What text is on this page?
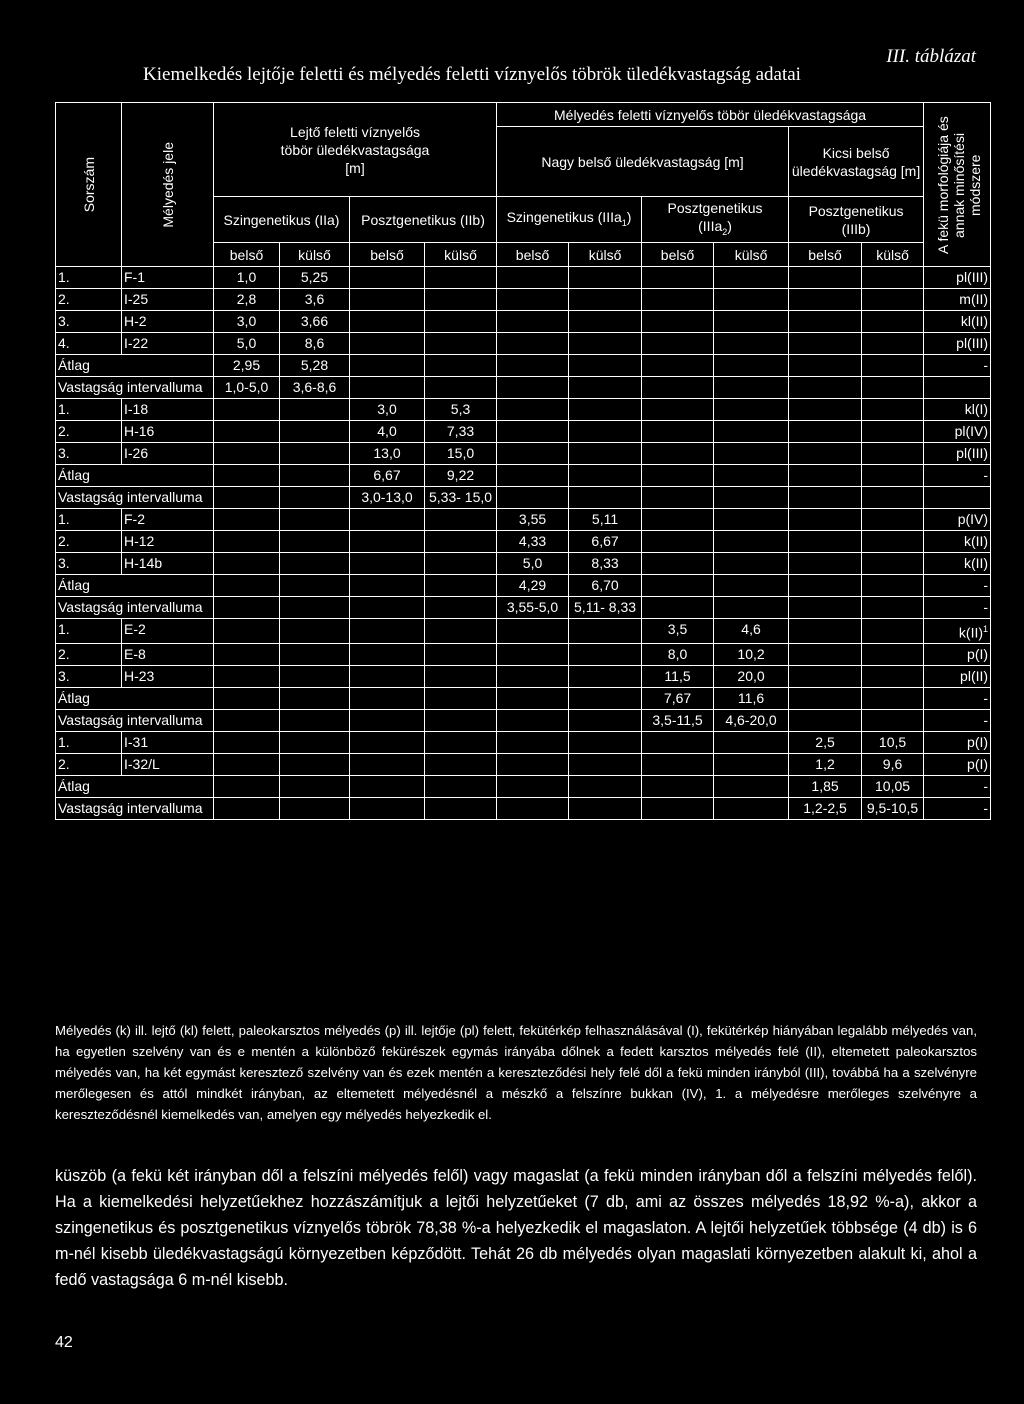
III. táblázat
Kiemelkedés lejtője feletti és mélyedés feletti víznyelős töbrök üledékvastagság adatai
Sorszám	Mélyedés jele	Lejtő feletti víznyelős töbör üledékvastagsága [m]				Mélyedés feletti víznyelős töbör üledékvastagsága						A fekü morfológiája és annak minősítési módszere

						Nagy belső üledékvastagság [m]				Kicsi belső üledékvastagság [m]		
		Szingenetikus (IIa)		Posztgenetikus (IIb)		Szingenetikus (IIIa$_1$)		Posztgenetikus (IIIa$_2$)		Posztgenetikus (IIIb)		
		belső	külső	belső	külső	belső	külső	belső	külső	belső	külső	
1.	F-1	1,0	5,25									pl(III)
2.	I-25	2,8	3,6									m(II)
3.	H-2	3,0	3,66									kl(II)
4.	I-22	5,0	8,6									pl(III)
Átlag		2,95	5,28									-
Vastagság intervalluma		1,0-5,0	3,6-8,6									
1.	I-18			3,0	5,3							kl(I)
2.	H-16			4,0	7,33							pl(IV)
3.	I-26			13,0	15,0							pl(III)
Átlag				6,67	9,22							-
Vastagság intervalluma				3,0-13,0	5,33- 15,0							
1.	F-2					3,55	5,11					p(IV)
2.	H-12					4,33	6,67					k(II)
3.	H-14b					5,0	8,33					k(II)
Átlag						4,29	6,70					-
Vastagság intervalluma						3,55-5,0	5,11- 8,33					-
1.	E-2							3,5	4,6			k(II)$^1$
2.	E-8							8,0	10,2			p(I)
3.	H-23							11,5	20,0			pl(II)
Átlag								7,67	11,6			-
Vastagság intervalluma								3,5-11,5	4,6-20,0			-
1.	I-31									2,5	10,5	p(I)
2.	I-32/L									1,2	9,6	p(I)
Átlag										1,85	10,05	-
Vastagság intervalluma										1,2-2,5	9,5-10,5	-
Mélyedés (k) ill. lejtő (kl) felett, paleokarsztos mélyedés (p) ill. lejtője (pl) felett, fekütérkép felhasználásával (I), fekütérkép hiányában legalább mélyedés van, ha egyetlen szelvény van és e mentén a különböző fekürészek egymás irányába dőlnek a fedett karsztos mélyedés felé (II), eltemetett paleokarsztos mélyedés van, ha két egymást keresztező szelvény van és ezek mentén a kereszteződési hely felé dől a fekü minden irányból (III), továbbá ha a szelvényre merőlegesen és attól mindkét irányban, az eltemetett mélyedésnél a mészkő a felszínre bukkan (IV), 1. a mélyedésre merőleges szelvényre a kereszteződésnél kiemelkedés van, amelyen egy mélyedés helyezkedik el.
küszöb (a fekü két irányban dől a felszíni mélyedés felől) vagy magaslat (a fekü minden irányban dől a felszíni mélyedés felől). Ha a kiemelkedési helyzetűekhez hozzászámítjuk a lejtői helyzetűeket (7 db, ami az összes mélyedés 18,92 %-a), akkor a szingenetikus és posztgenetikus víznyelős töbrök 78,38 %-a helyezkedik el magaslaton. A lejtői helyzetűek többsége (4 db) is 6 m-nél kisebb üledékvastagságú környezetben képződött. Tehát 26 db mélyedés olyan magaslati környezetben alakult ki, ahol a fedő vastagsága 6 m-nél kisebb.
42
